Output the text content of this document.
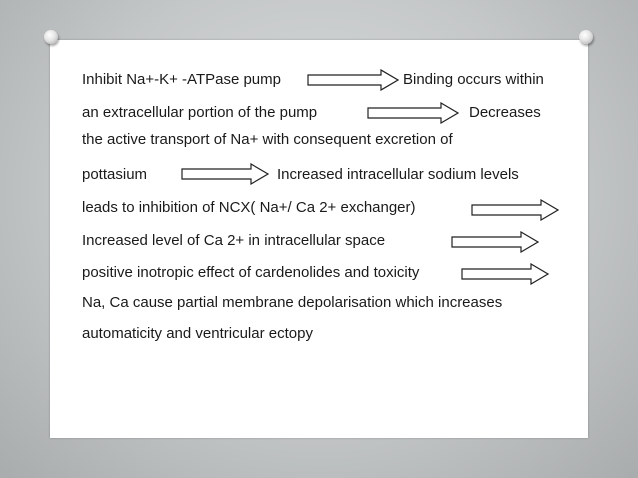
Inhibit Na+-K+ -ATPase pump	Binding occurs within
an extracellular portion of the pump	Decreases
the active transport of Na+ with consequent excretion of
pottasium	Increased intracellular sodium levels
leads to inhibition of NCX( Na+/ Ca 2+ exchanger)
Increased level of Ca 2+ in intracellular space
positive inotropic effect of cardenolides and toxicity
Na, Ca cause partial membrane depolarisation which increases
automaticity and ventricular ectopy
